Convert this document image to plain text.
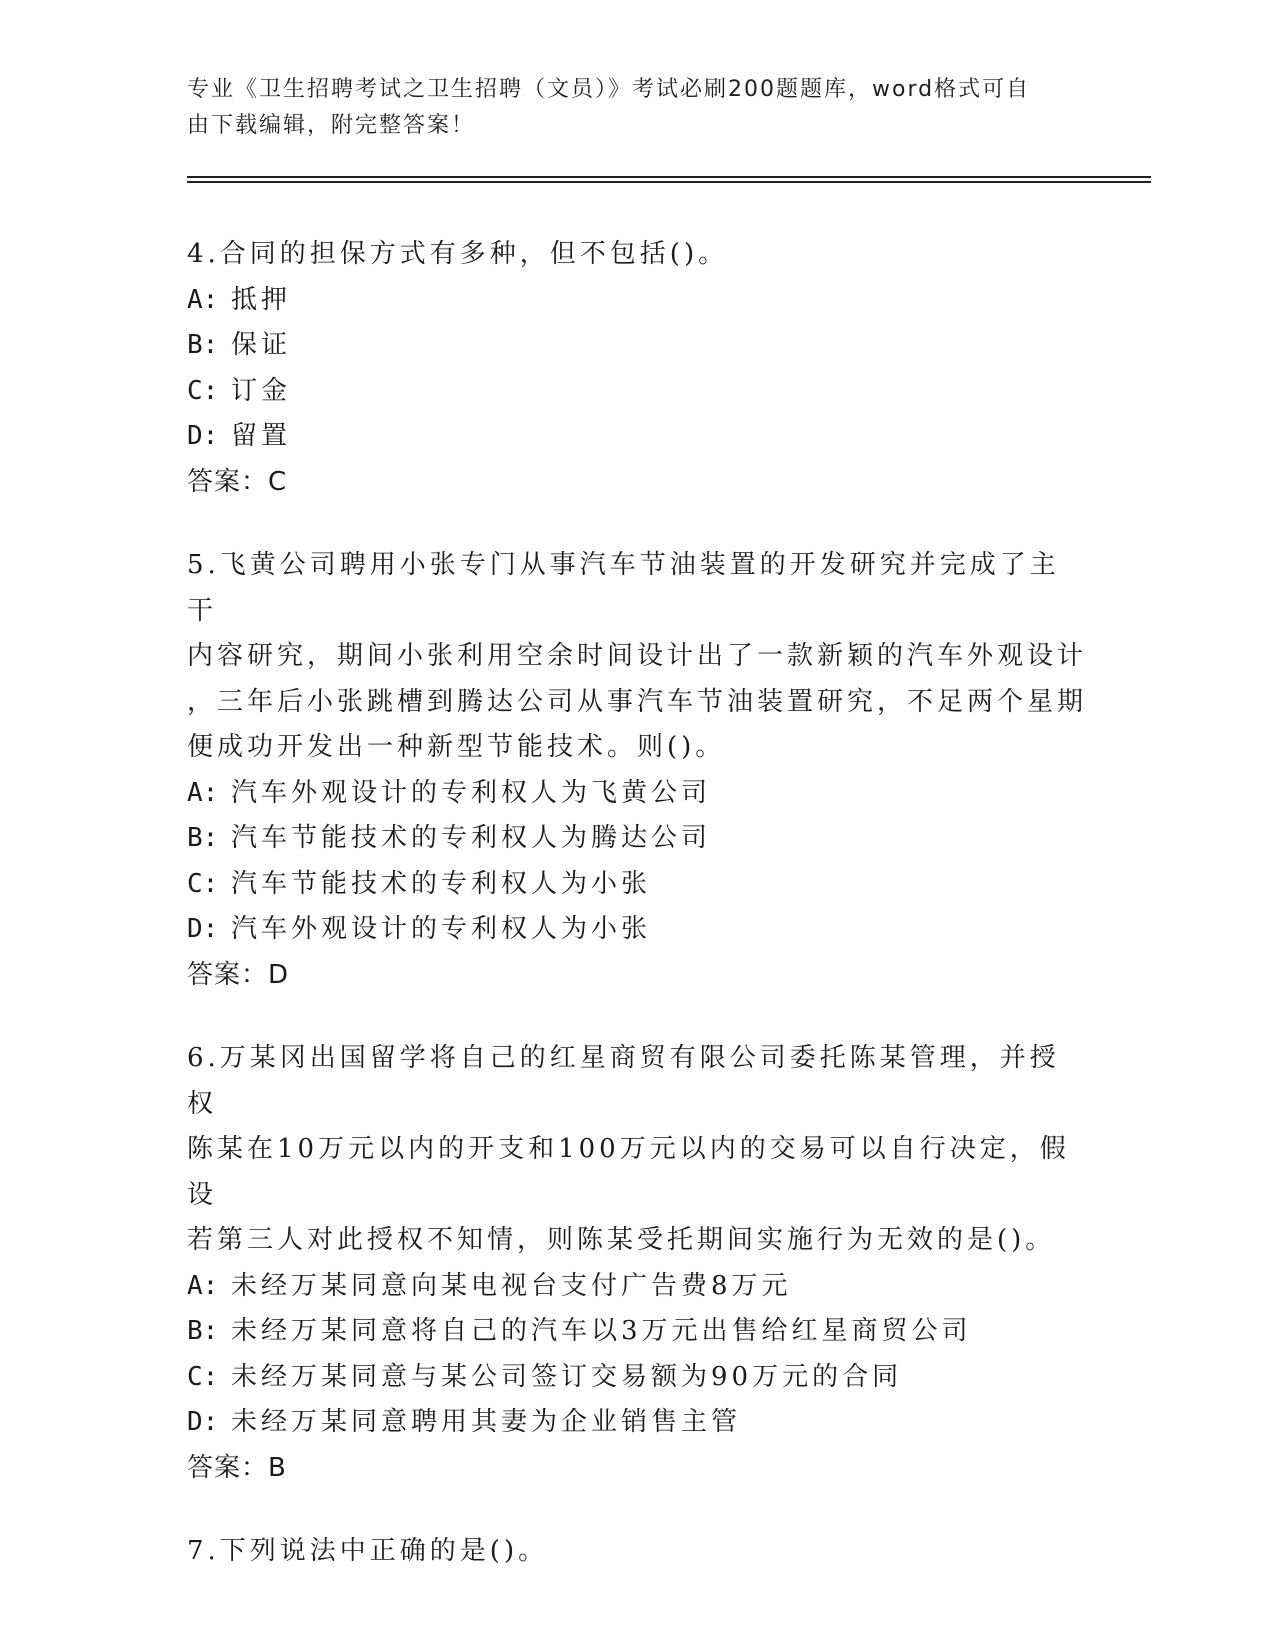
专业《卫生招聘考试之卫生招聘（文员）》考试必刷200题题库，word格式可自
由下载编辑，附完整答案！
4.合同的担保方式有多种，但不包括()。
A: 抵押
B: 保证
C: 订金
D: 留置
答案：C
5.飞黄公司聘用小张专门从事汽车节油装置的开发研究并完成了主干
内容研究，期间小张利用空余时间设计出了一款新颖的汽车外观设计
，三年后小张跳槽到腾达公司从事汽车节油装置研究，不足两个星期
便成功开发出一种新型节能技术。则()。
A: 汽车外观设计的专利权人为飞黄公司
B: 汽车节能技术的专利权人为腾达公司
C: 汽车节能技术的专利权人为小张
D: 汽车外观设计的专利权人为小张
答案：D
6.万某冈出国留学将自己的红星商贸有限公司委托陈某管理，并授权
陈某在10万元以内的开支和100万元以内的交易可以自行决定，假设
若第三人对此授权不知情，则陈某受托期间实施行为无效的是()。
A: 未经万某同意向某电视台支付广告费8万元
B: 未经万某同意将自己的汽车以3万元出售给红星商贸公司
C: 未经万某同意与某公司签订交易额为90万元的合同
D: 未经万某同意聘用其妻为企业销售主管
答案：B
7.下列说法中正确的是()。
